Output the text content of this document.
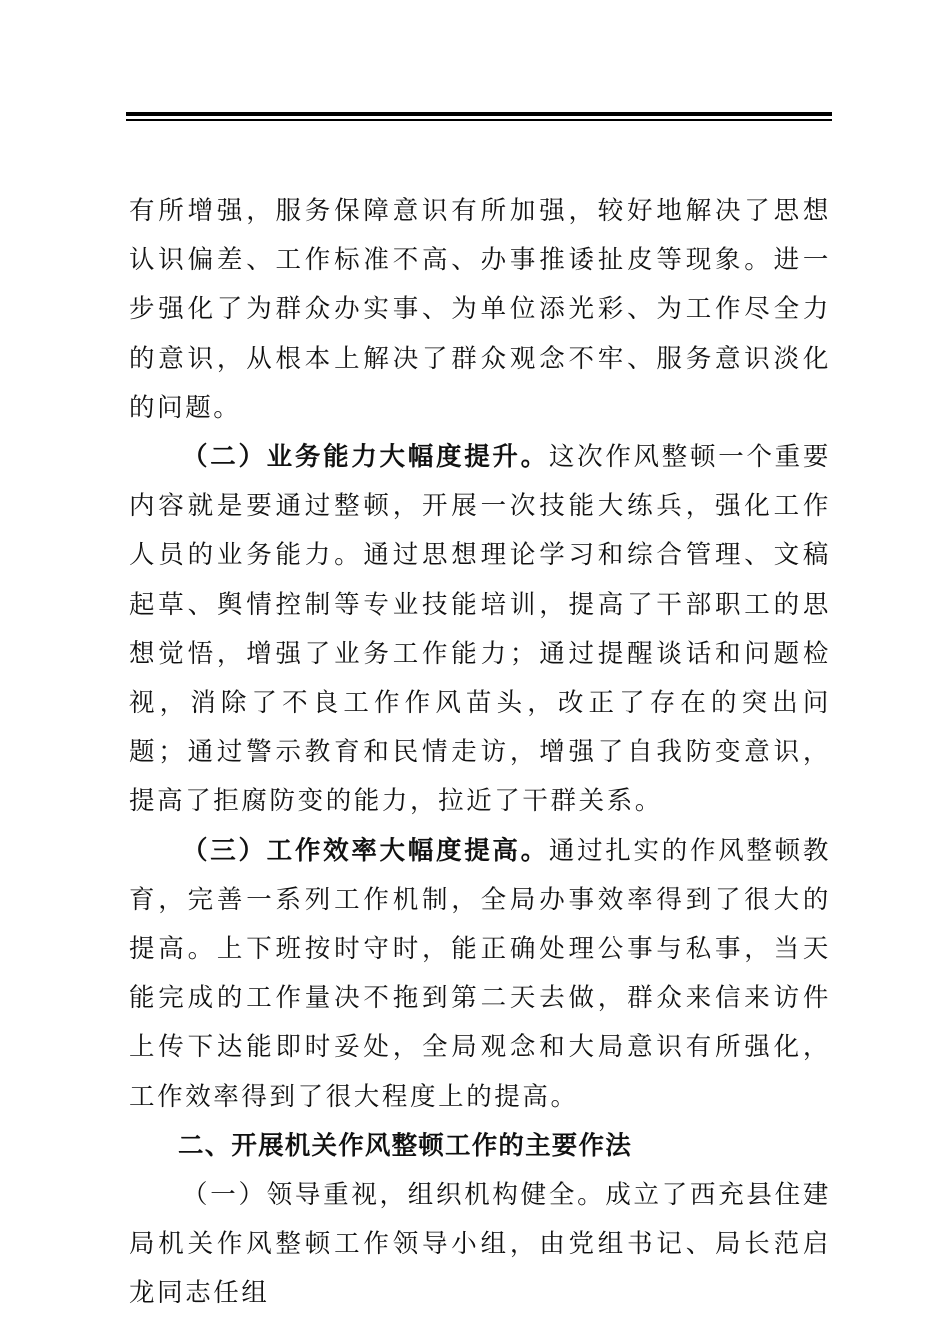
有所增强，服务保障意识有所加强，较好地解决了思想认识偏差、工作标准不高、办事推诿扯皮等现象。进一步强化了为群众办实事、为单位添光彩、为工作尽全力的意识，从根本上解决了群众观念不牢、服务意识淡化的问题。

（二）业务能力大幅度提升。这次作风整顿一个重要内容就是要通过整顿，开展一次技能大练兵，强化工作人员的业务能力。通过思想理论学习和综合管理、文稿起草、舆情控制等专业技能培训，提高了干部职工的思想觉悟，增强了业务工作能力；通过提醒谈话和问题检视，消除了不良工作作风苗头，改正了存在的突出问题；通过警示教育和民情走访，增强了自我防变意识，提高了拒腐防变的能力，拉近了干群关系。

（三）工作效率大幅度提高。通过扎实的作风整顿教育，完善一系列工作机制，全局办事效率得到了很大的提高。上下班按时守时，能正确处理公事与私事，当天能完成的工作量决不拖到第二天去做，群众来信来访件上传下达能即时妥处，全局观念和大局意识有所强化，工作效率得到了很大程度上的提高。

二、开展机关作风整顿工作的主要作法

（一）领导重视，组织机构健全。成立了西充县住建局机关作风整顿工作领导小组，由党组书记、局长范启龙同志任组
